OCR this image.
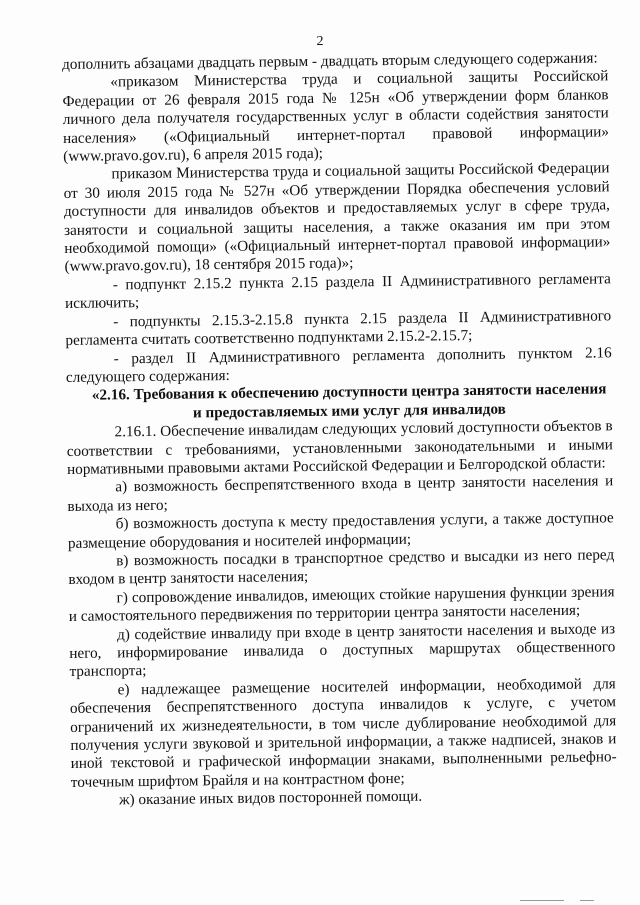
2

дополнить абзацами двадцать первым - двадцать вторым следующего содержания:

«приказом Министерства труда и социальной защиты Российской Федерации от 26 февраля 2015 года № 125н «Об утверждении форм бланков личного дела получателя государственных услуг в области содействия занятости населения» («Официальный интернет-портал правовой информации» (www.pravo.gov.ru), 6 апреля 2015 года);

приказом Министерства труда и социальной защиты Российской Федерации от 30 июля 2015 года № 527н «Об утверждении Порядка обеспечения условий доступности для инвалидов объектов и предоставляемых услуг в сфере труда, занятости и социальной защиты населения, а также оказания им при этом необходимой помощи» («Официальный интернет-портал правовой информации» (www.pravo.gov.ru), 18 сентября 2015 года)»;

- подпункт 2.15.2 пункта 2.15 раздела II Административного регламента исключить;

- подпункты 2.15.3-2.15.8 пункта 2.15 раздела II Административного регламента считать соответственно подпунктами 2.15.2-2.15.7;

- раздел II Административного регламента дополнить пунктом 2.16 следующего содержания:

«2.16. Требования к обеспечению доступности центра занятости населения и предоставляемых ими услуг для инвалидов

2.16.1. Обеспечение инвалидам следующих условий доступности объектов в соответствии с требованиями, установленными законодательными и иными нормативными правовыми актами Российской Федерации и Белгородской области:

а) возможность беспрепятственного входа в центр занятости населения и выхода из него;

б) возможность доступа к месту предоставления услуги, а также доступное размещение оборудования и носителей информации;

в) возможность посадки в транспортное средство и высадки из него перед входом в центр занятости населения;

г) сопровождение инвалидов, имеющих стойкие нарушения функции зрения и самостоятельного передвижения по территории центра занятости населения;

д) содействие инвалиду при входе в центр занятости населения и выходе из него, информирование инвалида о доступных маршрутах общественного транспорта;

е) надлежащее размещение носителей информации, необходимой для обеспечения беспрепятственного доступа инвалидов к услуге, с учетом ограничений их жизнедеятельности, в том числе дублирование необходимой для получения услуги звуковой и зрительной информации, а также надписей, знаков и иной текстовой и графической информации знаками, выполненными рельефно-точечным шрифтом Брайля и на контрастном фоне;

ж) оказание иных видов посторонней помощи.
